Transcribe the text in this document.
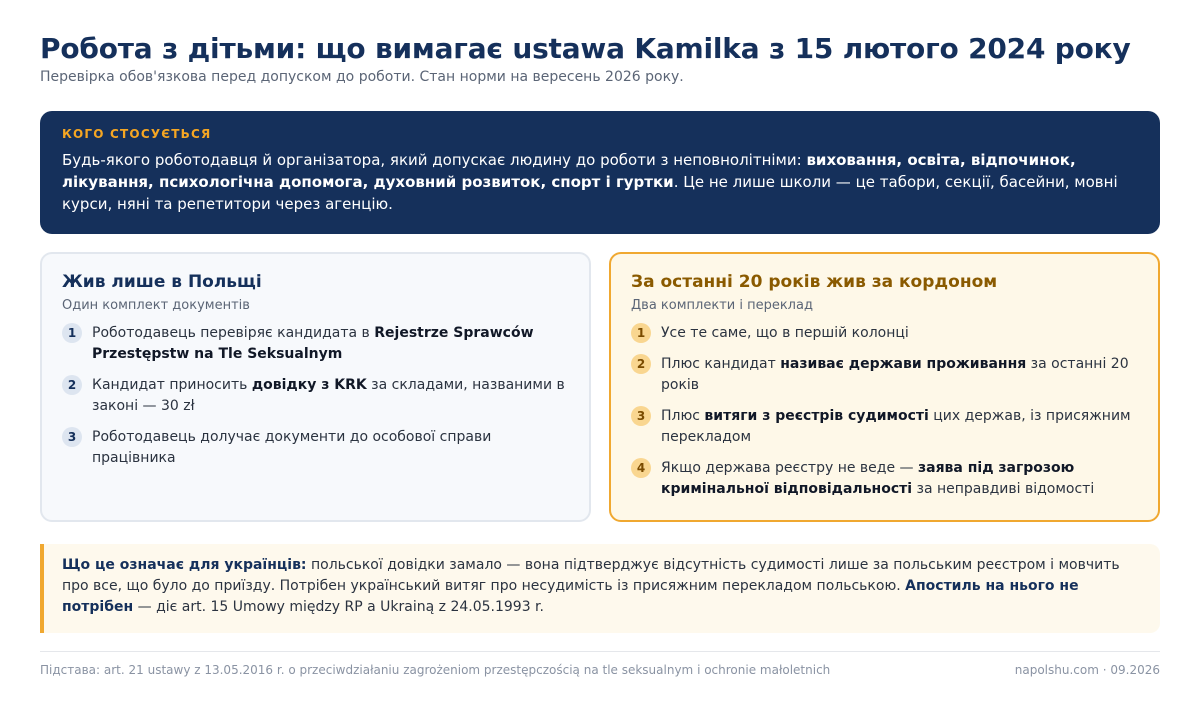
Робота з дітьми: що вимагає ustawa Kamilka з 15 лютого 2024 року

Перевірка обов'язкова перед допуском до роботи. Стан норми на вересень 2026 року.

КОГО СТОСУЄТЬСЯ

Будь-якого роботодавця й організатора, який допускає людину до роботи з неповнолітніми: виховання, освіта, відпочинок, лікування, психологічна допомога, духовний розвиток, спорт і гуртки. Це не лише школи — це табори, секції, басейни, мовні курси, няні та репетитори через агенцію.

Жив лише в Польщі
Один комплект документів
1	Роботодавець перевіряє кандидата в Rejestrze Sprawców Przestępstw na Tle Seksualnym
2	Кандидат приносить довідку з KRK за складами, названими в законі — 30 zł
3	Роботодавець долучає документи до особової справи працівника
За останні 20 років жив за кордоном
Два комплекти і переклад
1	Усе те саме, що в першій колонці
2	Плюс кандидат називає держави проживання за останні 20 років
3	Плюс витяги з реєстрів судимості цих держав, із присяжним перекладом
4	Якщо держава реєстру не веде — заява під загрозою кримінальної відповідальності за неправдиві відомості
Що це означає для українців: польської довідки замало — вона підтверджує відсутність судимості лише за польським реєстром і мовчить про все, що було до приїзду. Потрібен український витяг про несудимість із присяжним перекладом польською. Апостиль на нього не потрібен — діє art. 15 Umowy między RP a Ukrainą z 24.05.1993 r.
Підстава: art. 21 ustawy z 13.05.2016 r. o przeciwdziałaniu zagrożeniom przestępczością na tle seksualnym i ochronie małoletnich	napolshu.com · 09.2026
